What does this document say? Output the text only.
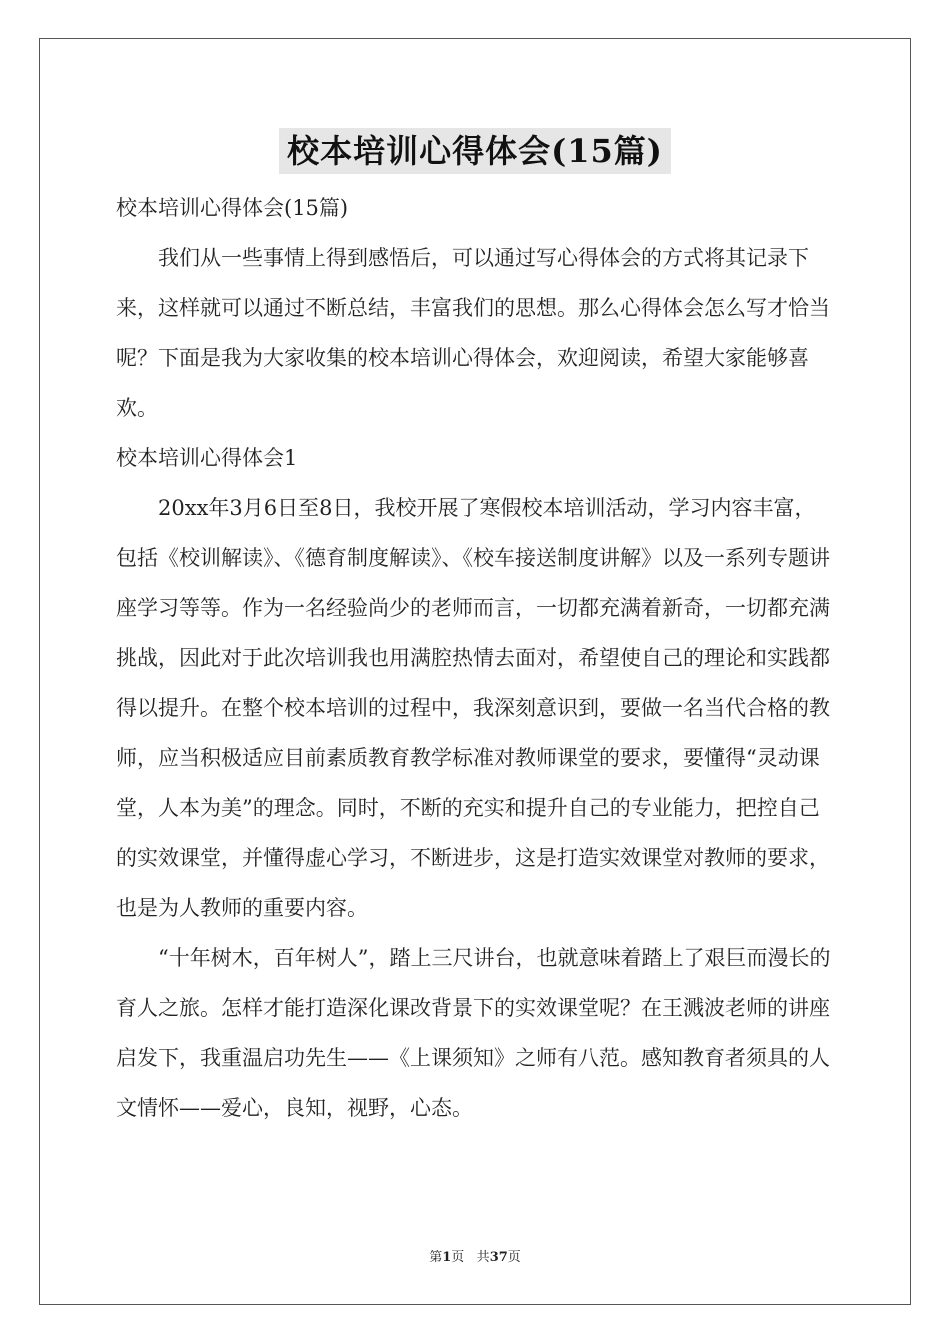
校本培训心得体会(15篇)

校本培训心得体会(15篇)

我们从一些事情上得到感悟后，可以通过写心得体会的方式将其记录下来，这样就可以通过不断总结，丰富我们的思想。那么心得体会怎么写才恰当呢？下面是我为大家收集的校本培训心得体会，欢迎阅读，希望大家能够喜欢。

校本培训心得体会1

20xx年3月6日至8日，我校开展了寒假校本培训活动，学习内容丰富，包括《校训解读》、《德育制度解读》、《校车接送制度讲解》以及一系列专题讲座学习等等。作为一名经验尚少的老师而言，一切都充满着新奇，一切都充满挑战，因此对于此次培训我也用满腔热情去面对，希望使自己的理论和实践都得以提升。在整个校本培训的过程中，我深刻意识到，要做一名当代合格的教师，应当积极适应目前素质教育教学标准对教师课堂的要求，要懂得“灵动课堂，人本为美”的理念。同时，不断的充实和提升自己的专业能力，把控自己的实效课堂，并懂得虚心学习，不断进步，这是打造实效课堂对教师的要求，也是为人教师的重要内容。

“十年树木，百年树人”，踏上三尺讲台，也就意味着踏上了艰巨而漫长的育人之旅。怎样才能打造深化课改背景下的实效课堂呢？在王溅波老师的讲座启发下，我重温启功先生——《上课须知》之师有八范。感知教育者须具的人文情怀——爱心，良知，视野，心态。

第1页 共37页
